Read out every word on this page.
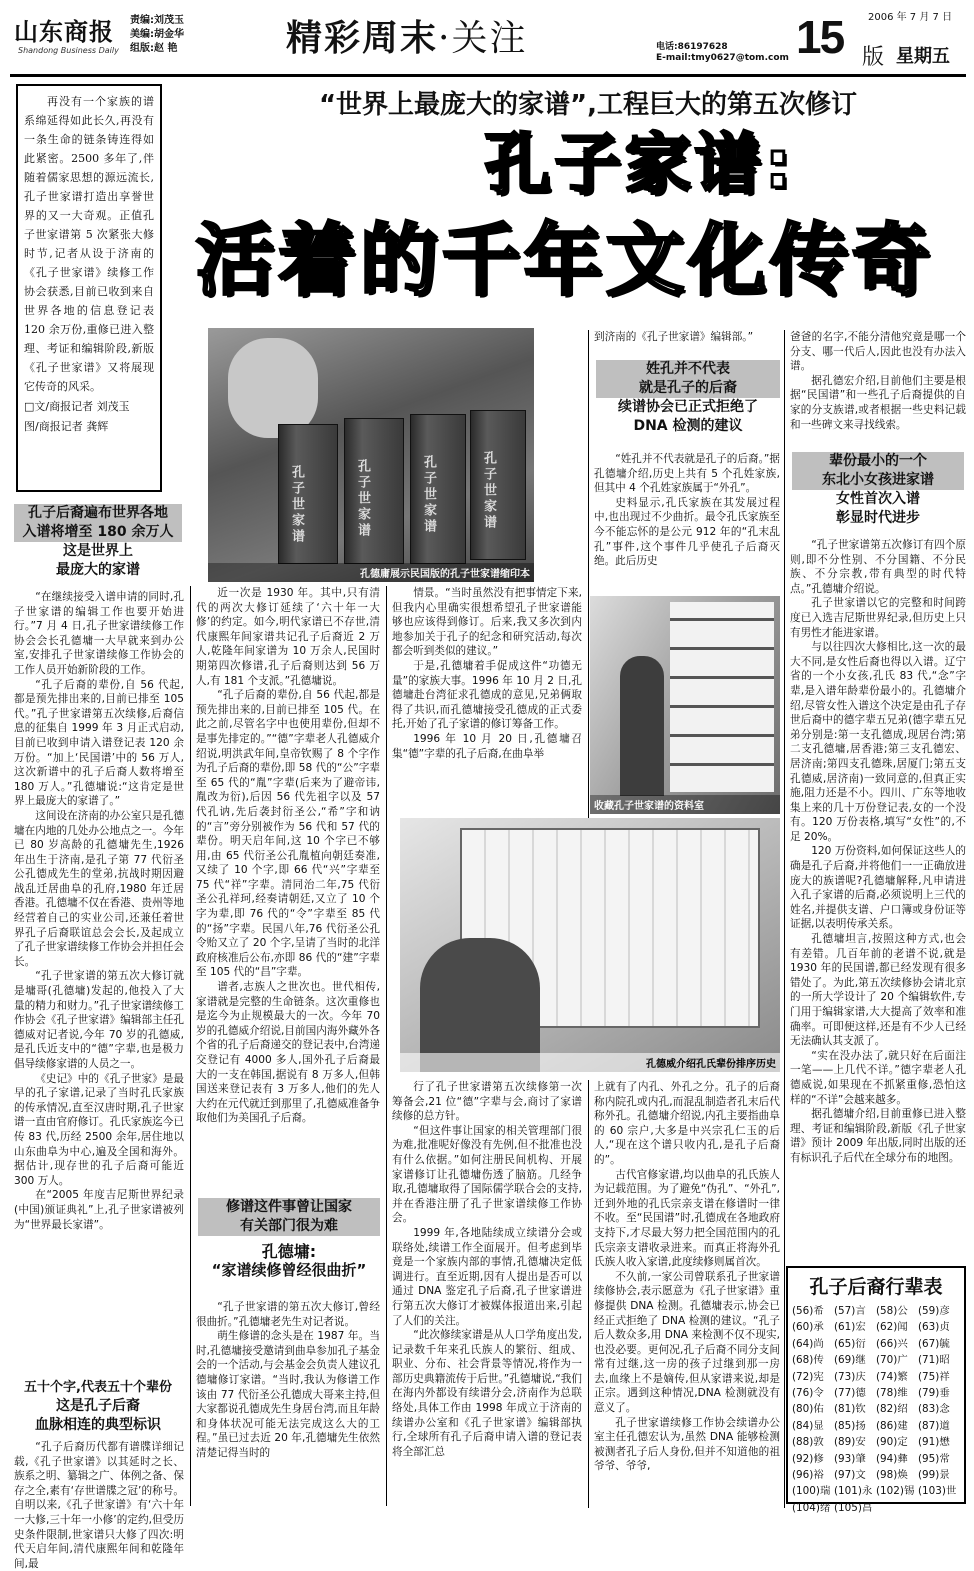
山东商报
Shandong Business Daily
责编:刘茂玉
美编:胡金华
组版:赵 艳	精彩周末·关注	电话:86197628
E-mail:tmy0627@tom.com
2006 年 7 月 7 日
15 版 星期五
“世界上最庞大的家谱”,工程巨大的第五次修订
孔子家谱:
活着的千年文化传奇
再没有一个家族的谱系绵延得如此长久,再没有一条生命的链条铸连得如此紧密。2500 多年了,伴随着儒家思想的源远流长,孔子世家谱打造出享誉世界的又一大奇观。正值孔子世家谱第 5 次紧张大修时节,记者从设于济南的《孔子世家谱》续修工作协会获悉,目前已收到来自世界各地的信息登记表 120 余万份,重修已进入整理、考证和编辑阶段,新版《孔子世家谱》又将展现它传奇的风采。
□文/商报记者 刘茂玉
图/商报记者 龚辉
孔子世家谱	孔子世家谱	孔子世家谱	孔子世家谱
孔德庸展示民国版的孔子世家谱缩印本
孔子后裔遍布世界各地
入谱将增至 180 余万人
这是世界上
最庞大的家谱

“在继续接受入谱申请的同时,孔子世家谱的编辑工作也要开始进行。”7 月 4 日,孔子世家谱续修工作协会会长孔德墉一大早就来到办公室,安排孔子世家谱续修工作协会的工作人员开始新阶段的工作。

“孔子后裔的辈份,自 56 代起,都是预先排出来的,目前已排至 105 代。”孔子世家谱第五次续修,后裔信息的征集自 1999 年 3 月正式启动,目前已收到申请入谱登记表 120 余万份。“加上‘民国谱’中的 56 万人,这次新谱中的孔子后裔人数将增至 180 万人。”孔德墉说:“这肯定是世界上最庞大的家谱了。”

这间设在济南的办公室只是孔德墉在内地的几处办公地点之一。今年已 80 岁高龄的孔德墉先生,1926 年出生于济南,是孔子第 77 代衍圣公孔德成先生的堂弟,抗战时期因避战乱迁居曲阜的孔府,1980 年迁居香港。孔德墉不仅在香港、贵州等地经营着自己的实业公司,还兼任着世界孔子后裔联谊总会会长,及起成立了孔子世家谱续修工作协会并担任会长。

“孔子世家谱的第五次大修订就是墉哥(孔德墉)发起的,他投入了大量的精力和财力。”孔子世家谱续修工作协会《孔子世家谱》编辑部主任孔德威对记者说,今年 70 岁的孔德威,是孔氏近支中的“德”字辈,也是极力倡导续修家谱的人员之一。

《史记》中的《孔子世家》是最早的孔子家谱,记录了当时孔氏家族的传承情况,直至汉唐时期,孔子世家谱一直由官府修订。孔氏家族迄今已传 83 代,历经 2500 余年,居住地以山东曲阜为中心,遍及全国和海外。据估计,现存世的孔子后裔可能近 300 万人。

在“2005 年度吉尼斯世界纪录(中国)颁证典礼”上,孔子世家谱被列为“世界最长家谱”。

五十个字,代表五十个辈份
这是孔子后裔
血脉相连的典型标识

“孔子后裔历代都有谱牒详细记载,《孔子世家谱》以其延时之长、族系之明、纂辑之广、体例之备、保存之全,素有‘存世谱牒之冠’的称号。自明以来,《孔子世家谱》有‘六十年一大修,三十年一小修’的定约,但受历史条件限制,世家谱只大修了四次:明代天启年间,清代康熙年间和乾隆年间,最

近一次是 1930 年。其中,只有清代的两次大修订延续了‘六十年一大修’的约定。如今,明代家谱已不存世,清代康熙年间家谱共记孔子后裔近 2 万人,乾隆年间家谱为 10 万余人,民国时期第四次修谱,孔子后裔则达到 56 万人,有 181 个支派。”孔德墉说。

“孔子后裔的辈份,自 56 代起,都是预先排出来的,目前已排至 105 代。在此之前,尽管名字中也使用辈份,但却不是事先排定的。”“德”字辈老人孔德威介绍说,明洪武年间,皇帝钦赐了 8 个字作为孔子后裔的辈份,即 58 代的“公”字辈至 65 代的“胤”字辈(后来为了避帝讳,胤改为衍),后因 56 代先祖字以及 57 代孔讷,先后袭封衍圣公,“希”字和讷的“言”旁分别被作为 56 代和 57 代的辈份。明天启年间,这 10 个字已不够用,由 65 代衍圣公孔胤植向朝廷奏准,又续了 10 个字,即 66 代“兴”字辈至 75 代“祥”字辈。清同治二年,75 代衍圣公孔祥珂,经奏请朝廷,又立了 10 个字为辈,即 76 代的“令”字辈至 85 代的“扬”字辈。民国八年,76 代衍圣公孔令贻又立了 20 个字,呈请了当时的北洋政府核准后公布,亦即 86 代的“建”字辈至 105 代的“昌”字辈。

谱者,志族人之世次也。世代相传,家谱就是完整的生命链条。这次重修也是迄今为止规模最大的一次。今年 70 岁的孔德威介绍说,目前国内海外藏外各个省的孔子后裔递交的登记表中,台湾递交登记有 4000 多人,国外孔子后裔最大的一支在韩国,据说有 8 万多人,但韩国送来登记表有 3 万多人,他们的先人大约在元代就迁到那里了,孔德威准备争取他们为美国孔子后裔。

修谱这件事曾让国家
有关部门很为难
孔德墉:
“家谱续修曾经很曲折”

“孔子世家谱的第五次大修订,曾经很曲折。”孔德墉老先生对记者说。

萌生修谱的念头是在 1987 年。当时,孔德墉接受邀请到曲阜参加孔子基金会的一个活动,与会基金会负责人建议孔德墉修订家谱。“当时,我认为修谱工作该由 77 代衍圣公孔德成大哥来主持,但大家都说孔德成先生身居台湾,而且年龄和身体状况可能无法完成这么大的工程。”虽已过去近 20 年,孔德墉先生依然清楚记得当时的

情景。“当时虽然没有把事情定下来,但我内心里确实很想希望孔子世家谱能够也应该得到修订。后来,我又多次到内地参加关于孔子的纪念和研究活动,每次都会听到类似的建议。”

于是,孔德墉着手促成这件“功德无量”的家族大事。1996 年 10 月 2 日,孔德墉赴台湾征求孔德成的意见,兄弟俩取得了共识,而孔德墉接受孔德成的正式委托,开始了孔子家谱的修订筹备工作。

1996 年 10 月 20 日,孔德墉召集“德”字辈的孔子后裔,在曲阜举

孔德威介绍孔氏辈份排序历史

行了孔子世家谱第五次续修第一次筹备会,21 位“德”字辈与会,商讨了家谱续修的总方针。

“但这件事让国家的相关管理部门很为难,批准呢好像没有先例,但不批准也没有什么依据。”如何注册民间机构、开展家谱修订让孔德墉伤透了脑筋。几经争取,孔德墉取得了国际儒学联合会的支持,并在香港注册了孔子世家谱续修工作协会。

1999 年,各地陆续成立续谱分会或联络处,续谱工作全面展开。但考虑到毕竟是一个家族内部的事情,孔德墉决定低调进行。直至近期,因有人提出是否可以通过 DNA 鉴定孔子后裔,孔子世家谱进行第五次大修订才被媒体报道出来,引起了人们的关注。

“此次修续家谱是从人口学角度出发,记录数千年来孔氏族人的繁衍、组成、职业、分布、社会背景等情况,将作为一部历史典籍流传于后世。”孔德墉说,“我们在海内外都设有续谱分会,济南作为总联络处,具体工作由 1998 年成立于济南的续谱办公室和《孔子世家谱》编辑部执行,全球所有孔子后裔申请入谱的登记表将全部汇总

到济南的《孔子世家谱》编辑部。”

姓孔并不代表
就是孔子的后裔
续谱协会已正式拒绝了
DNA 检测的建议

“姓孔并不代表就是孔子的后裔。”据孔德墉介绍,历史上共有 5 个孔姓家族,但其中 4 个孔姓家族属于“外孔”。

史料显示,孔氏家族在其发展过程中,也出现过不少曲折。最令孔氏家族至今不能忘怀的是公元 912 年的“孔末乱孔”事件,这个事件几乎使孔子后裔灭绝。此后历史

收藏孔子世家谱的资料室

上就有了内孔、外孔之分。孔子的后裔称内院孔或内孔,而混乱制造者孔末后代称外孔。孔德墉介绍说,内孔主要指曲阜的 60 宗户,大多是中兴宗孔仁玉的后人,“现在这个谱只收内孔,是孔子后裔的”。

古代官修家谱,均以曲阜的孔氏族人为记载范围。为了避免“伪孔”、“外孔”,迁到外地的孔氏宗亲支谱在修谱时一律不收。至“民国谱”时,孔德成在各地政府支持下,才尽最大努力把全国范围内的孔氏宗亲支谱收录进来。而真正将海外孔氏族人收入家谱,此度续修则属首次。

不久前,一家公司曾联系孔子世家谱续修协会,表示愿意为《孔子世家谱》重修提供 DNA 检测。孔德墉表示,协会已经正式拒绝了 DNA 检测的建议。“孔子后人数众多,用 DNA 来检测不仅不现实,也没必要。更何况,孔子后裔不同分支间常有过继,这一房的孩子过继到那一房去,血缘上不是嫡传,但从家谱来说,却是正宗。遇到这种情况,DNA 检测就没有意义了。

孔子世家谱续修工作协会续谱办公室主任孔德宏认为,虽然 DNA 能够检测被测者孔子后人身份,但并不知道他的祖爷爷、爷爷,

爸爸的名字,不能分清他究竟是哪一个分支、哪一代后人,因此也没有办法入谱。

据孔德宏介绍,目前他们主要是根据“民国谱”和一些孔子后裔提供的自家的分支族谱,或者根据一些史料记载和一些碑文来寻找线索。

辈份最小的一个
东北小女孩进家谱
女性首次入谱
彰显时代进步

“孔子世家谱第五次修订有四个原则,即不分性别、不分国籍、不分民族、不分宗教,带有典型的时代特点。”孔德墉介绍说。

孔子世家谱以它的完整和时间跨度已入选吉尼斯世界纪录,但历史上只有男性才能进家谱。

与以往四次大修相比,这一次的最大不同,是女性后裔也得以入谱。辽宁省的一个小女孩,孔氏 83 代,“念”字辈,是入谱年龄辈份最小的。孔德墉介绍,尽管女性入谱这个决定是由孔子存世后裔中的德字辈五兄弟(德字辈五兄弟分别是:第一支孔德成,现居台湾;第二支孔德墉,居香港;第三支孔德宏、居济南;第四支孔德珠,居厦门;第五支孔德威,居济南)一致同意的,但真正实施,阻力还是不小。四川、广东等地收集上来的几十万份登记表,女的一个没有。120 万份表格,填写“女性”的,不足 20%。

120 万份资料,如何保证这些人的确是孔子后裔,并将他们一一正确放进庞大的族谱呢?孔德墉解释,凡申请进入孔子家谱的后裔,必须说明上三代的姓名,并提供支谱、户口簿或身份证等证据,以表明传承关系。

孔德墉坦言,按照这种方式,也会有差错。几百年前的老谱不说,就是 1930 年的民国谱,都已经发现有很多错处了。为此,第五次续修协会请北京的一所大学设计了 20 个编辑软件,专门用于编辑家谱,大大提高了效率和准确率。可即便这样,还是有不少人已经无法确认其支派了。

“实在没办法了,就只好在后面注一笔——上几代不详。”德字辈老人孔德威说,如果现在不抓紧重修,恐怕这样的“不详”会越来越多。

据孔德墉介绍,目前重修已进入整理、考证和编辑阶段,新版《孔子世家谱》预计 2009 年出版,同时出版的还有标识孔子后代在全球分布的地图。

孔子后裔行辈表
(56)希 (57)言 (58)公 (59)彦
(60)承 (61)宏 (62)闻 (63)贞
(64)尚 (65)衍 (66)兴 (67)毓
(68)传 (69)继 (70)广 (71)昭
(72)宪 (73)庆 (74)繁 (75)祥
(76)令 (77)德 (78)维 (79)垂
(80)佑 (81)钦 (82)绍 (83)念
(84)显 (85)扬 (86)建 (87)道
(88)敦 (89)安 (90)定 (91)懋
(92)修 (93)肇 (94)彝 (95)常
(96)裕 (97)文 (98)焕 (99)景
(100)瑞 (101)永 (102)锡 (103)世
(104)绪 (105)昌
